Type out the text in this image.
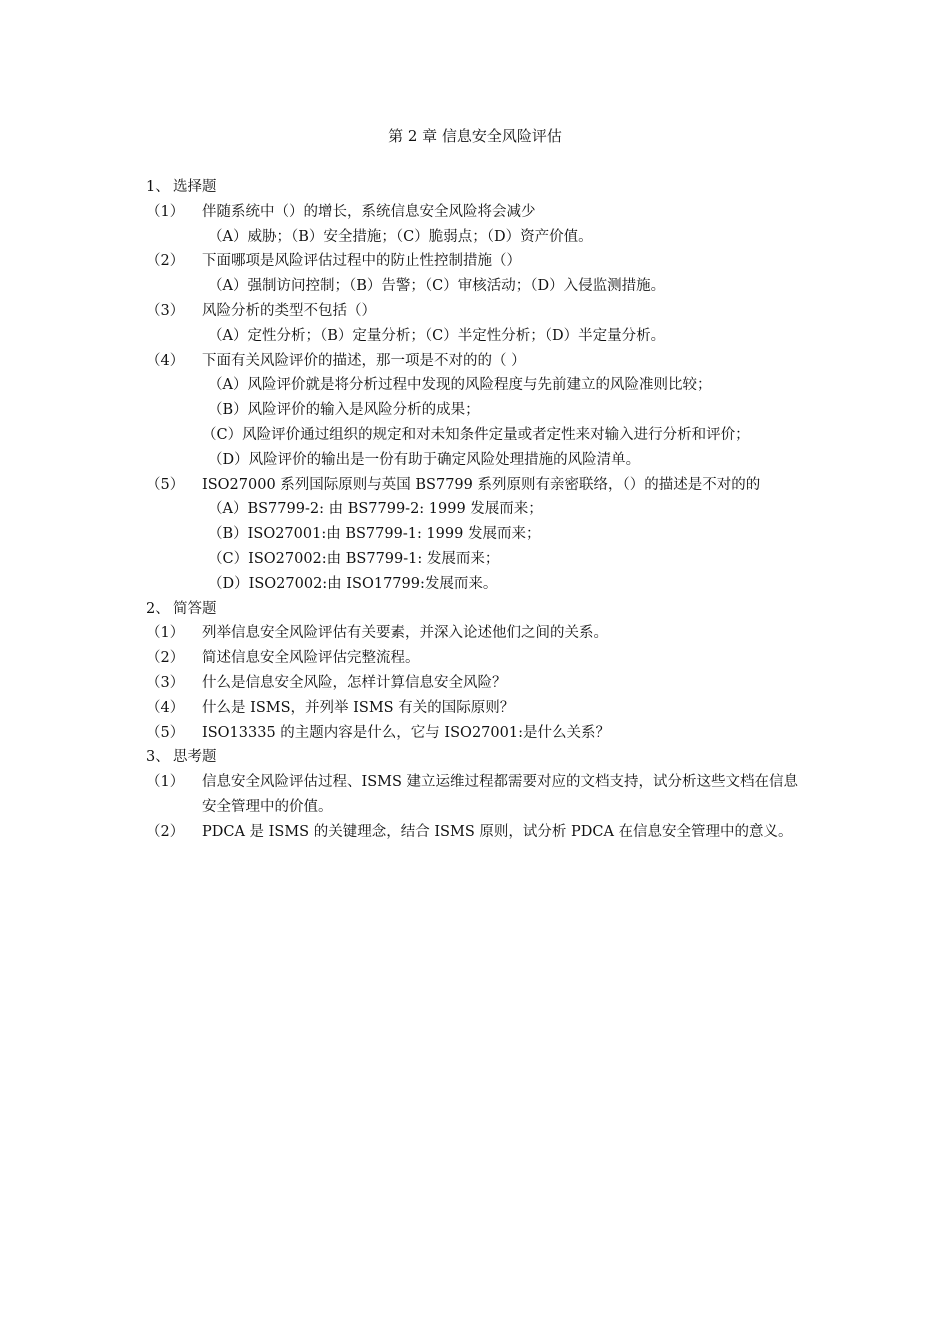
第 2 章 信息安全风险评估
1、 选择题
（1）	伴随系统中（）的增长，系统信息安全风险将会减少
（A）威胁；（B）安全措施；（C）脆弱点；（D）资产价值。
（2）	下面哪项是风险评估过程中的防止性控制措施（）
（A）强制访问控制；（B）告警；（C）审核活动；（D）入侵监测措施。
（3）	风险分析的类型不包括（）
（A）定性分析；（B）定量分析；（C）半定性分析；（D）半定量分析。
（4）	下面有关风险评价的描述，那一项是不对的的（ ）
（A）风险评价就是将分析过程中发现的风险程度与先前建立的风险准则比较；
（B）风险评价的输入是风险分析的成果；
（C）风险评价通过组织的规定和对未知条件定量或者定性来对输入进行分析和评价；
（D）风险评价的输出是一份有助于确定风险处理措施的风险清单。
（5）	ISO27000 系列国际原则与英国 BS7799 系列原则有亲密联络，（）的描述是不对的的
（A）BS7799-2: 由 BS7799-2: 1999 发展而来；
（B）ISO27001:由 BS7799-1: 1999 发展而来；
（C）ISO27002:由 BS7799-1: 发展而来；
（D）ISO27002:由 ISO17799:发展而来。
2、 简答题
（1）	列举信息安全风险评估有关要素，并深入论述他们之间的关系。
（2）	简述信息安全风险评估完整流程。
（3）	什么是信息安全风险，怎样计算信息安全风险？
（4）	什么是 ISMS，并列举 ISMS 有关的国际原则？
（5）	ISO13335 的主题内容是什么，它与 ISO27001:是什么关系？
3、 思考题
（1）	信息安全风险评估过程、ISMS 建立运维过程都需要对应的文档支持，试分析这些文档在信息安全管理中的价值。
（2）	PDCA 是 ISMS 的关键理念，结合 ISMS 原则，试分析 PDCA 在信息安全管理中的意义。
